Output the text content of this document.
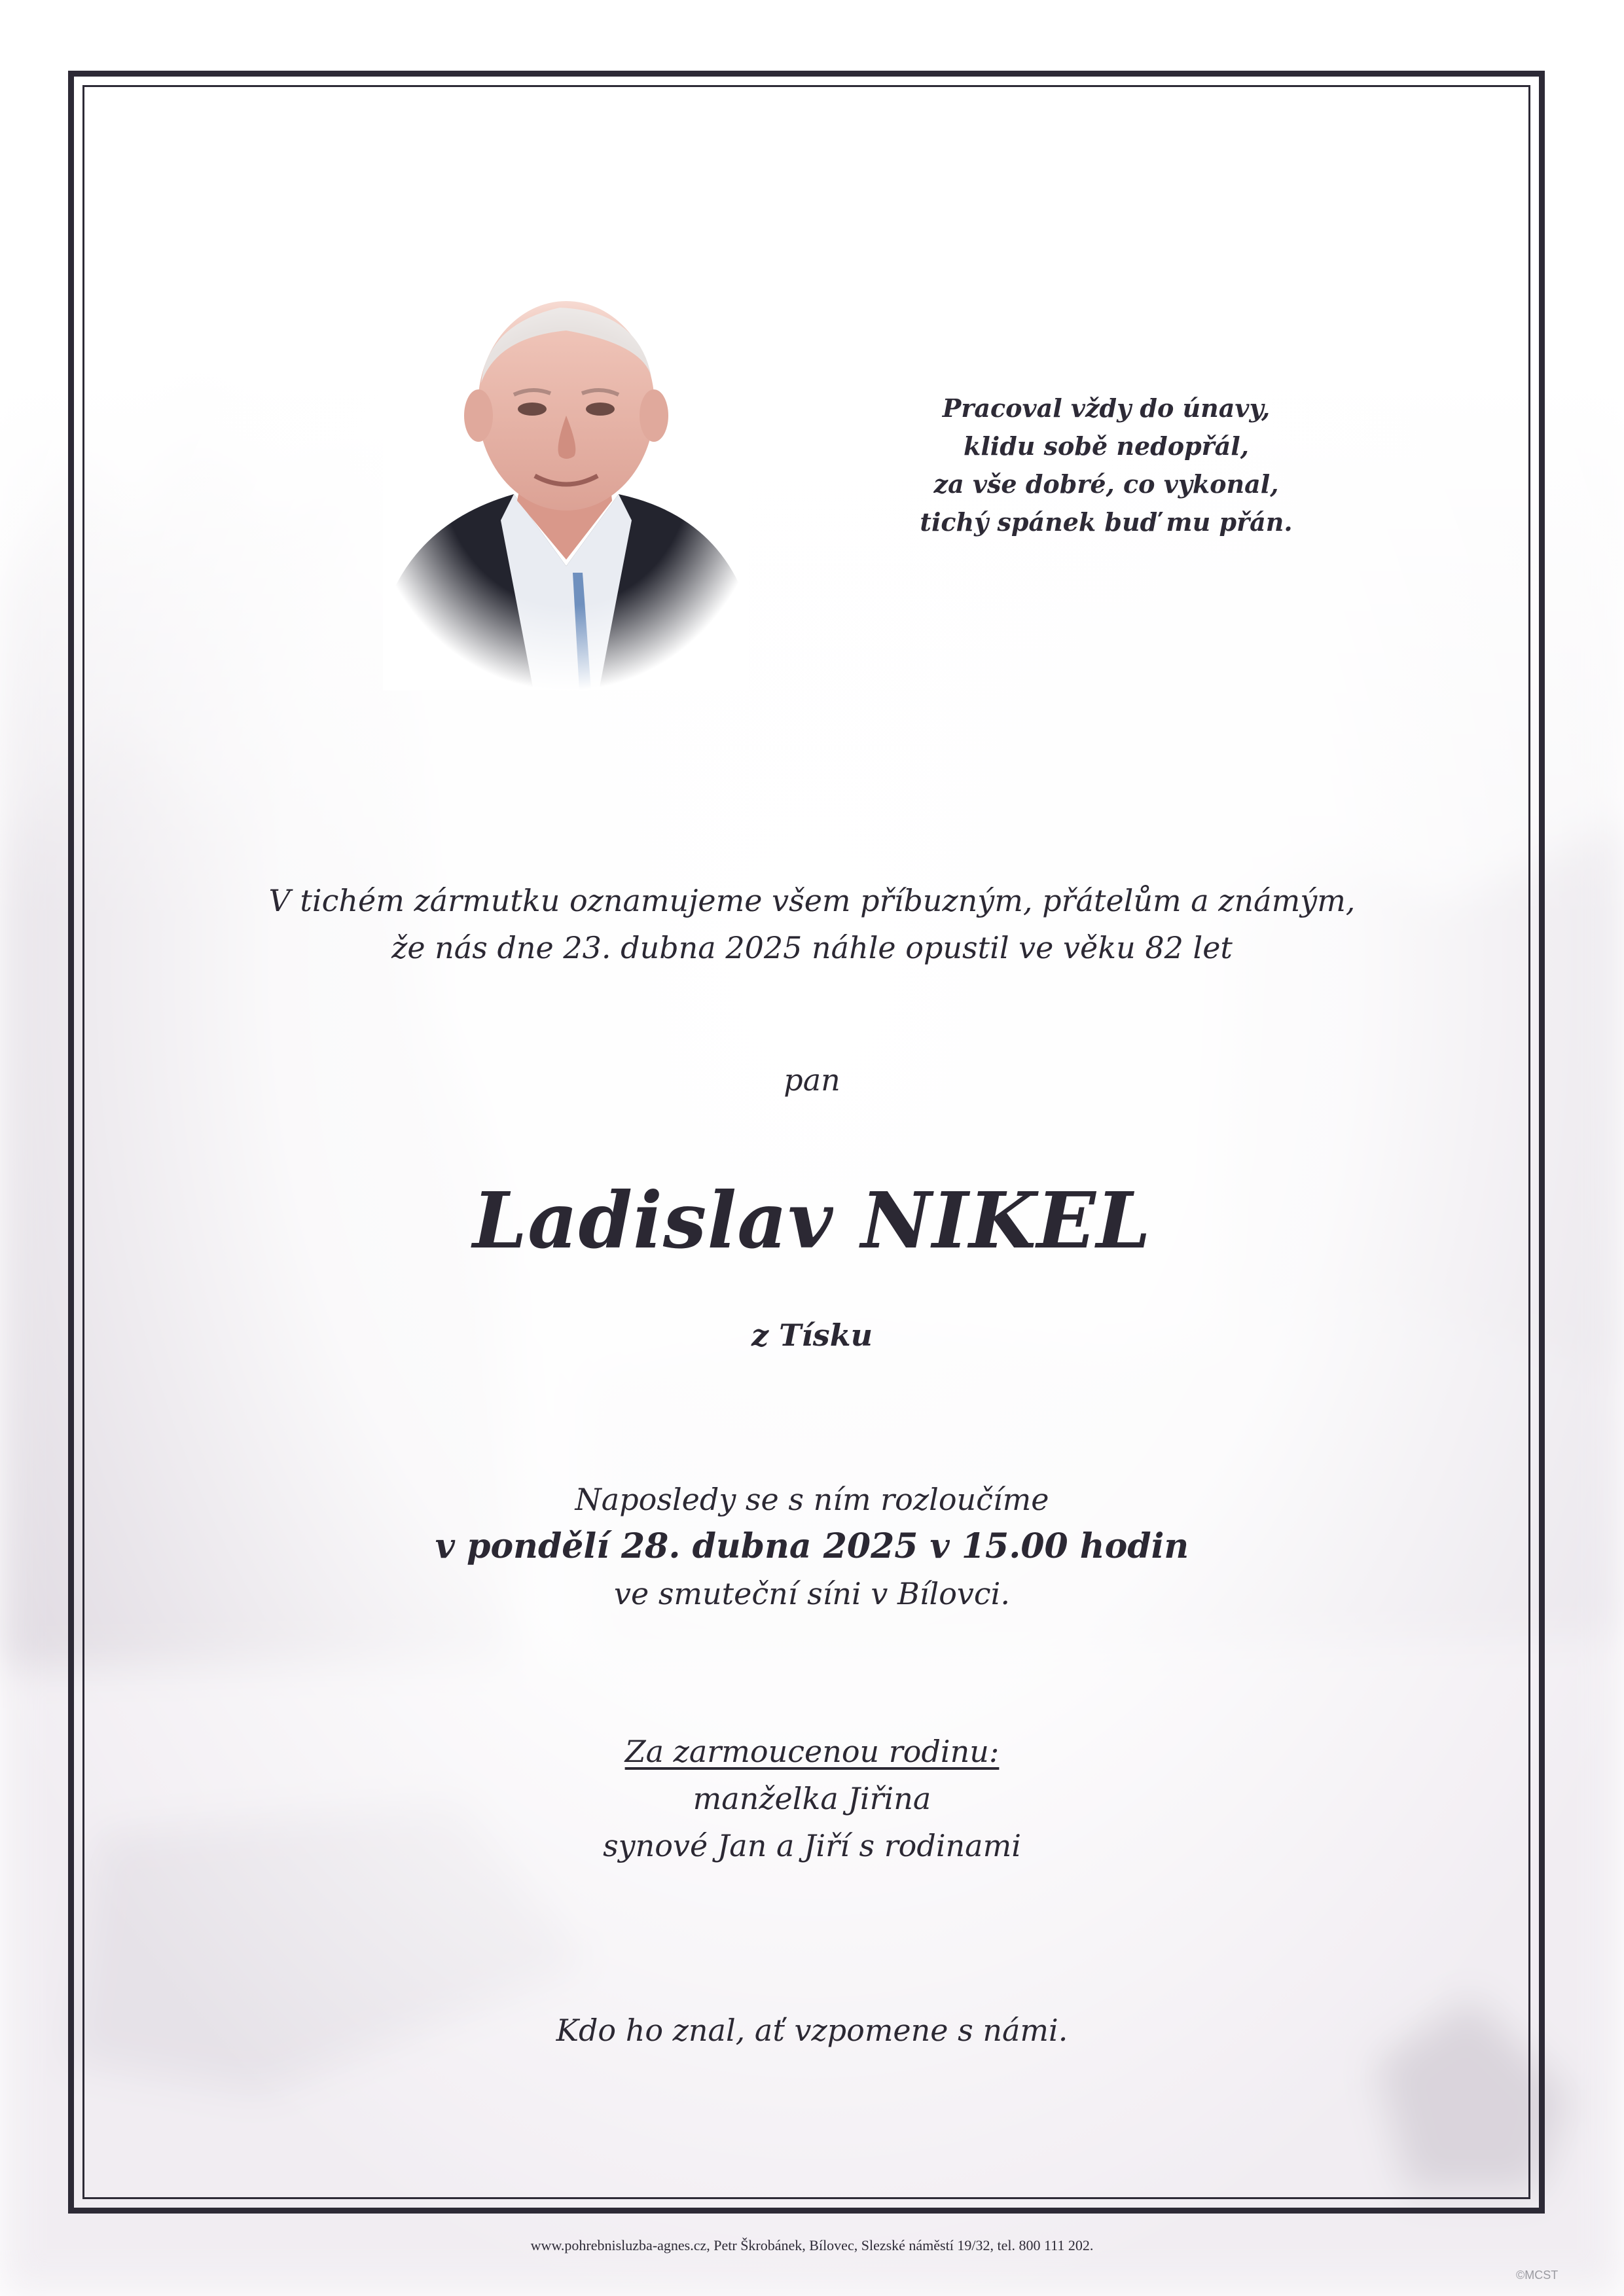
Pracoval vždy do únavy,
klidu sobě nedopřál,
za vše dobré, co vykonal,
tichý spánek buď mu přán.
V tichém zármutku oznamujeme všem příbuzným, přátelům a známým,
že nás dne 23. dubna 2025 náhle opustil ve věku 82 let
pan
Ladislav NIKEL
z Tísku
Naposledy se s ním rozloučíme
v pondělí 28. dubna 2025 v 15.00 hodin
ve smuteční síni v Bílovci.
Za zarmoucenou rodinu:
manželka Jiřina
synové Jan a Jiří s rodinami
Kdo ho znal, ať vzpomene s námi.
www.pohrebnisluzba-agnes.cz, Petr Škrobánek, Bílovec, Slezské náměstí 19/32, tel. 800 111 202.
©MCST
